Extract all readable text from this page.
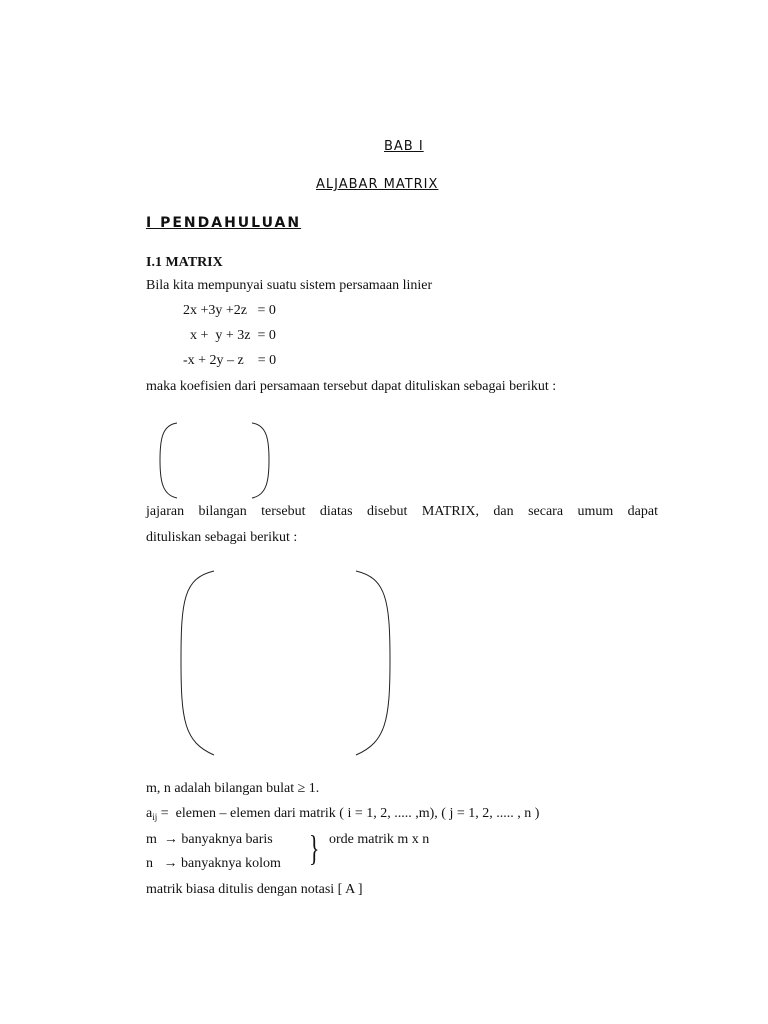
BAB I
ALJABAR MATRIX
I PENDAHULUAN
I.1 MATRIX
Bila kita mempunyai suatu sistem persamaan linier
2x +3y +2z   = 0
x +  y + 3z  = 0
-x + 2y – z    = 0
maka koefisien dari persamaan tersebut dapat dituliskan sebagai berikut :
jajaran bilangan tersebut diatas disebut MATRIX, dan secara umum dapat
dituliskan sebagai berikut :
m, n adalah bilangan bulat ≥ 1.
$a_{ij}$ =  elemen – elemen dari matrik ( i = 1, 2, ..... ,m), ( j = 1, 2, ..... , n )
m  → banyaknya baris
n   → banyaknya kolom } orde matrik m x n
matrik biasa ditulis dengan notasi [ A ]
